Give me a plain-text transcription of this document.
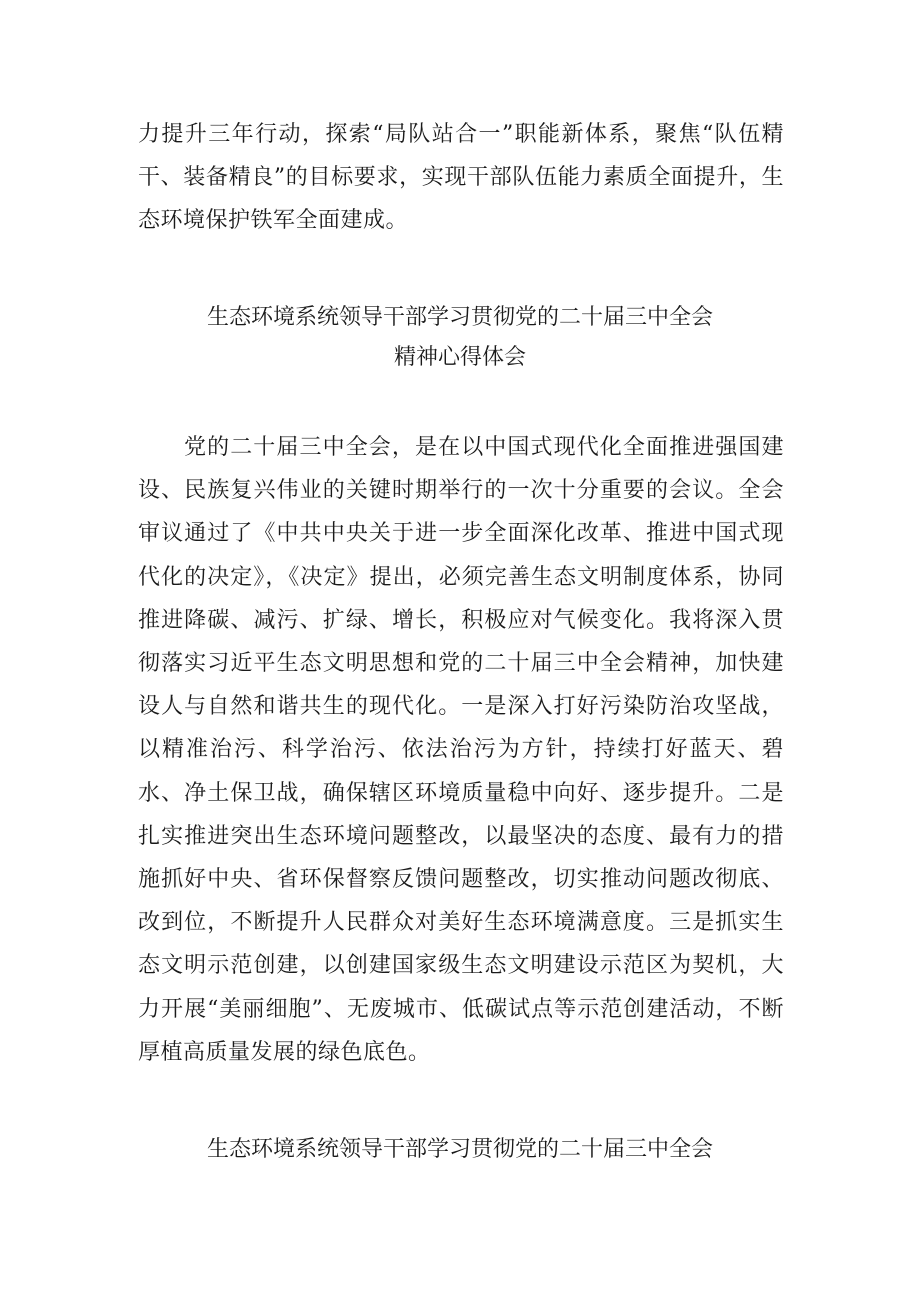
力提升三年行动，探索“局队站合一”职能新体系，聚焦“队伍精干、装备精良”的目标要求，实现干部队伍能力素质全面提升，生态环境保护铁军全面建成。

生态环境系统领导干部学习贯彻党的二十届三中全会
精神心得体会

党的二十届三中全会，是在以中国式现代化全面推进强国建设、民族复兴伟业的关键时期举行的一次十分重要的会议。全会审议通过了《中共中央关于进一步全面深化改革、推进中国式现代化的决定》，《决定》提出，必须完善生态文明制度体系，协同推进降碳、减污、扩绿、增长，积极应对气候变化。我将深入贯彻落实习近平生态文明思想和党的二十届三中全会精神，加快建设人与自然和谐共生的现代化。一是深入打好污染防治攻坚战，以精准治污、科学治污、依法治污为方针，持续打好蓝天、碧水、净土保卫战，确保辖区环境质量稳中向好、逐步提升。二是扎实推进突出生态环境问题整改，以最坚决的态度、最有力的措施抓好中央、省环保督察反馈问题整改，切实推动问题改彻底、改到位，不断提升人民群众对美好生态环境满意度。三是抓实生态文明示范创建，以创建国家级生态文明建设示范区为契机，大力开展“美丽细胞”、无废城市、低碳试点等示范创建活动，不断厚植高质量发展的绿色底色。

生态环境系统领导干部学习贯彻党的二十届三中全会
